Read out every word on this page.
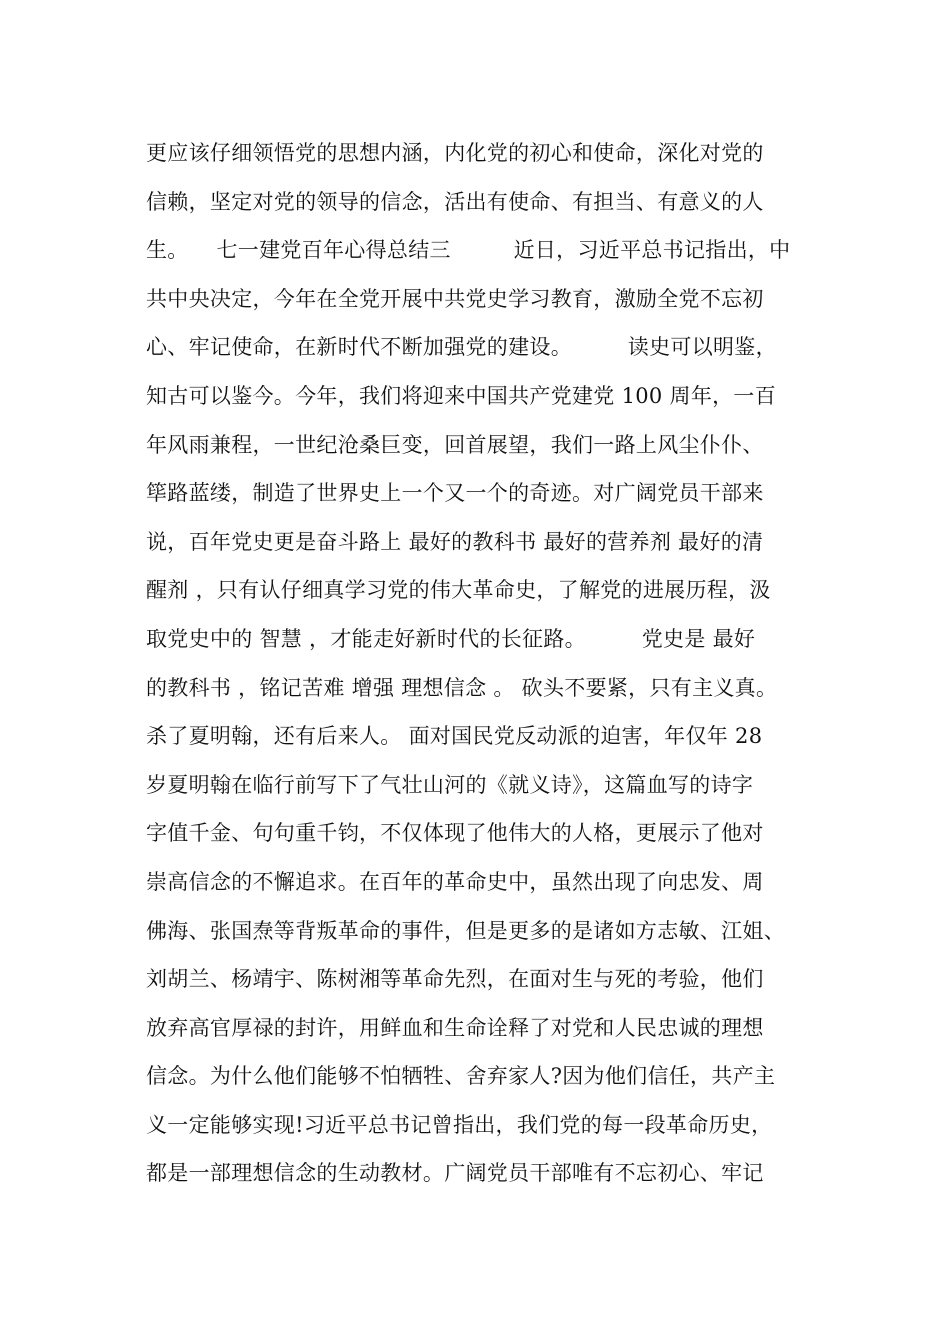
更应该仔细领悟党的思想内涵，内化党的初心和使命，深化对党的
信赖，坚定对党的领导的信念，活出有使命、有担当、有意义的人
生。    七一建党百年心得总结三         近日，习近平总书记指出，中
共中央决定，今年在全党开展中共党史学习教育，激励全党不忘初
心、牢记使命，在新时代不断加强党的建设。        读史可以明鉴，
知古可以鉴今。今年，我们将迎来中国共产党建党 100 周年，一百
年风雨兼程，一世纪沧桑巨变，回首展望，我们一路上风尘仆仆、
筚路蓝缕，制造了世界史上一个又一个的奇迹。对广阔党员干部来
说，百年党史更是奋斗路上 最好的教科书 最好的营养剂 最好的清
醒剂 ，只有认仔细真学习党的伟大革命史，了解党的进展历程，汲
取党史中的 智慧 ，才能走好新时代的长征路。        党史是 最好
的教科书 ，铭记苦难 增强 理想信念 。 砍头不要紧，只有主义真。
杀了夏明翰，还有后来人。 面对国民党反动派的迫害，年仅年 28
岁夏明翰在临行前写下了气壮山河的《就义诗》，这篇血写的诗字
字值千金、句句重千钧，不仅体现了他伟大的人格，更展示了他对
崇高信念的不懈追求。在百年的革命史中，虽然出现了向忠发、周
佛海、张国焘等背叛革命的事件，但是更多的是诸如方志敏、江姐、
刘胡兰、杨靖宇、陈树湘等革命先烈，在面对生与死的考验，他们
放弃高官厚禄的封许，用鲜血和生命诠释了对党和人民忠诚的理想
信念。为什么他们能够不怕牺牲、舍弃家人?因为他们信任，共产主
义一定能够实现!习近平总书记曾指出，我们党的每一段革命历史，
都是一部理想信念的生动教材。广阔党员干部唯有不忘初心、牢记
